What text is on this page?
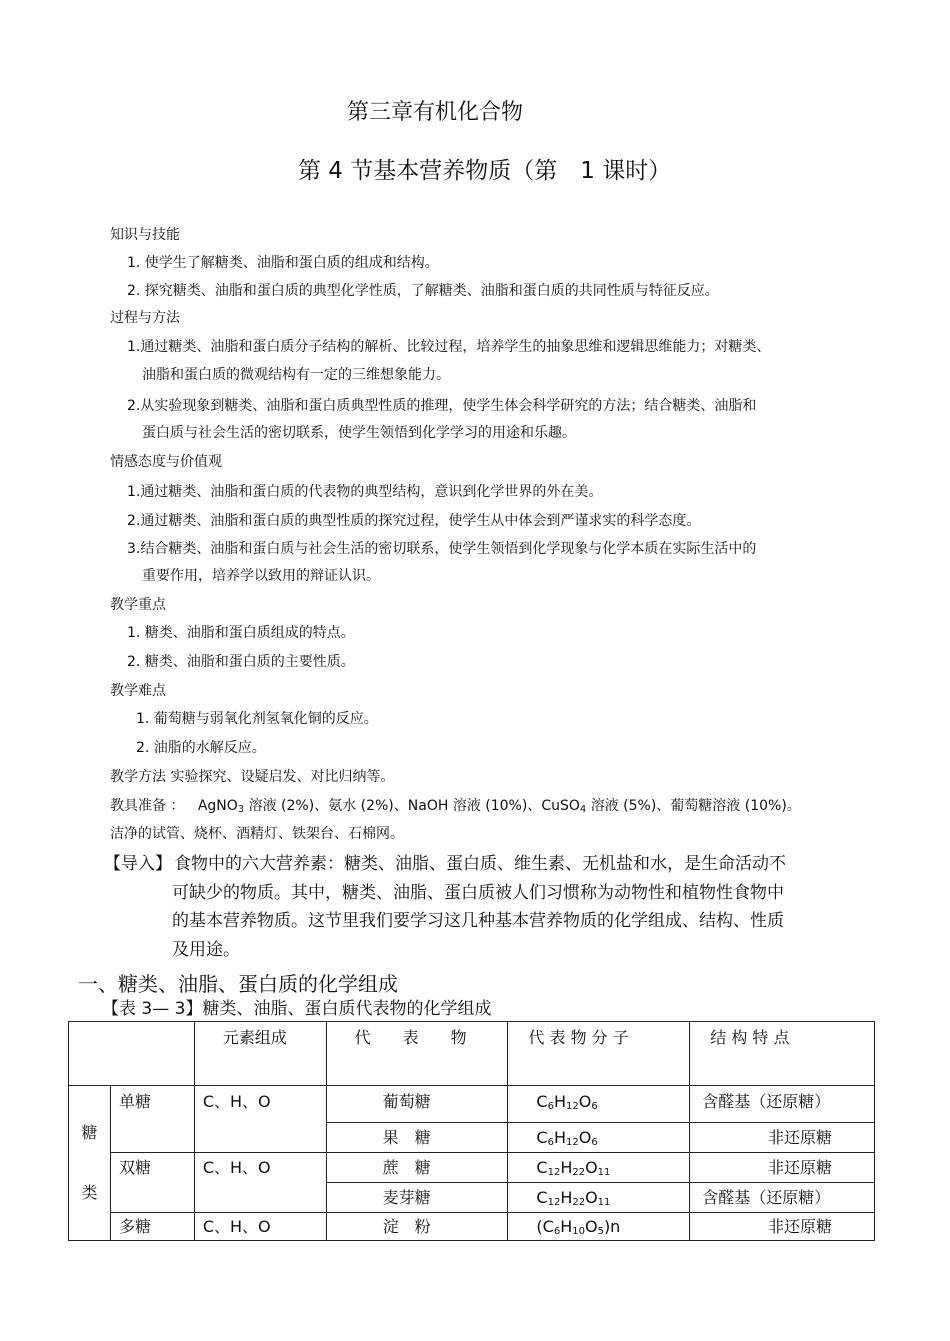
第三章有机化合物
第 4 节基本营养物质（第　1 课时）
知识与技能
1. 使学生了解糖类、油脂和蛋白质的组成和结构。
2. 探究糖类、油脂和蛋白质的典型化学性质，了解糖类、油脂和蛋白质的共同性质与特征反应。
过程与方法
1.通过糖类、油脂和蛋白质分子结构的解析、比较过程，培养学生的抽象思维和逻辑思维能力；对糖类、
油脂和蛋白质的微观结构有一定的三维想象能力。
2.从实验现象到糖类、油脂和蛋白质典型性质的推理，使学生体会科学研究的方法；结合糖类、油脂和
蛋白质与社会生活的密切联系，使学生领悟到化学学习的用途和乐趣。
情感态度与价值观
1.通过糖类、油脂和蛋白质的代表物的典型结构，意识到化学世界的外在美。
2.通过糖类、油脂和蛋白质的典型性质的探究过程，使学生从中体会到严谨求实的科学态度。
3.结合糖类、油脂和蛋白质与社会生活的密切联系，使学生领悟到化学现象与化学本质在实际生活中的
重要作用，培养学以致用的辩证认识。
教学重点
1. 糖类、油脂和蛋白质组成的特点。
2. 糖类、油脂和蛋白质的主要性质。
教学难点
1. 葡萄糖与弱氧化剂氢氧化铜的反应。
2. 油脂的水解反应。
教学方法 实验探究、设疑启发、对比归纳等。
教具准备 ： AgNO$_3$ 溶液 (2%)、氨水 (2%)、NaOH 溶液 (10%)、CuSO$_4$ 溶液 (5%)、葡萄糖溶液 (10%)。
洁净的试管、烧杯、酒精灯、铁架台、石棉网。
【导入】 食物中的六大营养素：糖类、油脂、蛋白质、维生素、无机盐和水，是生命活动不
可缺少的物质。其中，糖类、油脂、蛋白质被人们习惯称为动物性和植物性食物中
的基本营养物质。这节里我们要学习这几种基本营养物质的化学组成、结构、性质
及用途。
一、糖类、油脂、蛋白质的化学组成
【表 3— 3】糖类、油脂、蛋白质代表物的化学组成
		元素组成	代　　表　　物	代 表 物 分 子	结 构 特 点

糖
类	单糖	C、H、O	葡萄糖	$C_6H_{12}O_6$	含醛基（还原糖）
			果　糖	$C_6H_{12}O_6$	非还原糖
	双糖	C、H、O	蔗　糖	$C_{12}H_{22}O_{11}$	非还原糖
			麦芽糖	$C_{12}H_{22}O_{11}$	含醛基（还原糖）
	多糖	C、H、O	淀　粉	$(C_6H_{10}O_5)n$	非还原糖
